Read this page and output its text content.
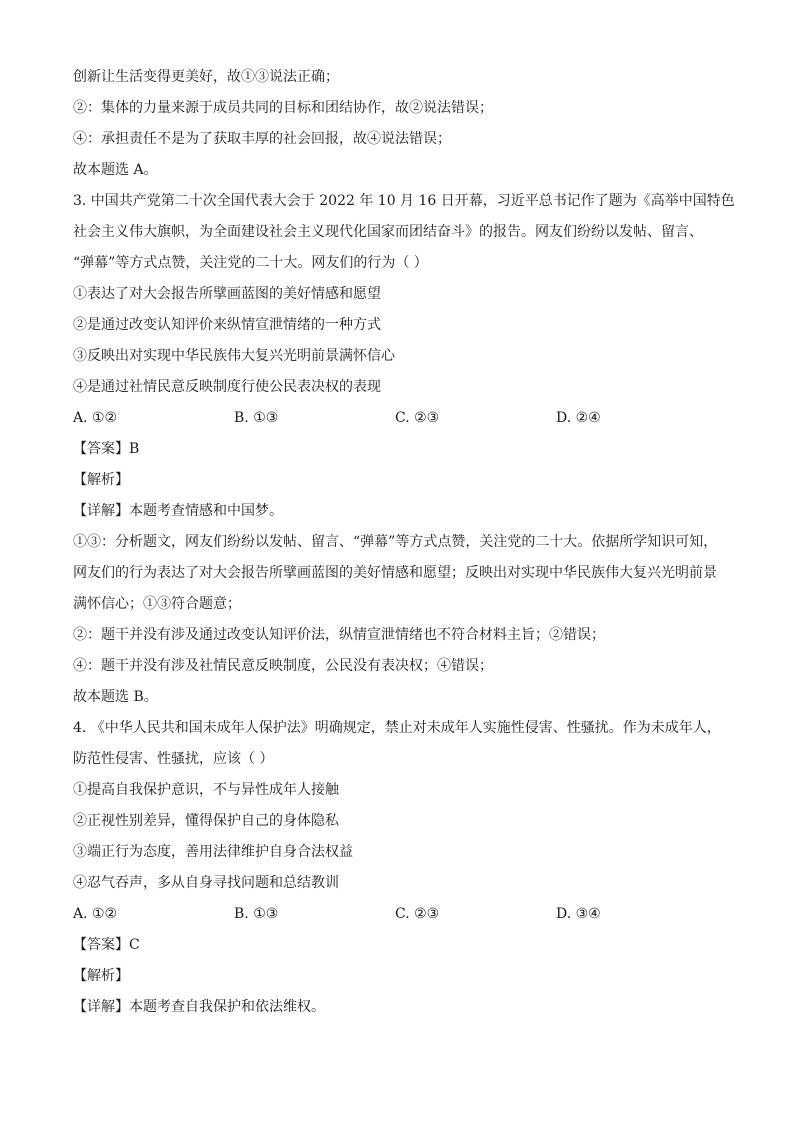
创新让生活变得更美好，故①③说法正确；
②：集体的力量来源于成员共同的目标和团结协作，故②说法错误；
④：承担责任不是为了获取丰厚的社会回报，故④说法错误；
故本题选 A。
3. 中国共产党第二十次全国代表大会于 2022 年 10 月 16 日开幕，习近平总书记作了题为《高举中国特色
社会主义伟大旗帜，为全面建设社会主义现代化国家而团结奋斗》的报告。网友们纷纷以发帖、留言、
“弹幕”等方式点赞，关注党的二十大。网友们的行为（ ）
①表达了对大会报告所擘画蓝图的美好情感和愿望
②是通过改变认知评价来纵情宣泄情绪的一种方式
③反映出对实现中华民族伟大复兴光明前景满怀信心
④是通过社情民意反映制度行使公民表决权的表现
A. ①②	B. ①③	C. ②③	D. ②④
【答案】B
【解析】
【详解】本题考查情感和中国梦。
①③：分析题文，网友们纷纷以发帖、留言、“弹幕”等方式点赞，关注党的二十大。依据所学知识可知，
网友们的行为表达了对大会报告所擘画蓝图的美好情感和愿望；反映出对实现中华民族伟大复兴光明前景
满怀信心；①③符合题意；
②：题干并没有涉及通过改变认知评价法，纵情宣泄情绪也不符合材料主旨；②错误；
④：题干并没有涉及社情民意反映制度，公民没有表决权；④错误；
故本题选 B。
4. 《中华人民共和国未成年人保护法》明确规定，禁止对未成年人实施性侵害、性骚扰。作为未成年人，
防范性侵害、性骚扰，应该（ ）
①提高自我保护意识，不与异性成年人接触
②正视性别差异，懂得保护自己的身体隐私
③端正行为态度，善用法律维护自身合法权益
④忍气吞声，多从自身寻找问题和总结教训
A. ①②	B. ①③	C. ②③	D. ③④
【答案】C
【解析】
【详解】本题考查自我保护和依法维权。
